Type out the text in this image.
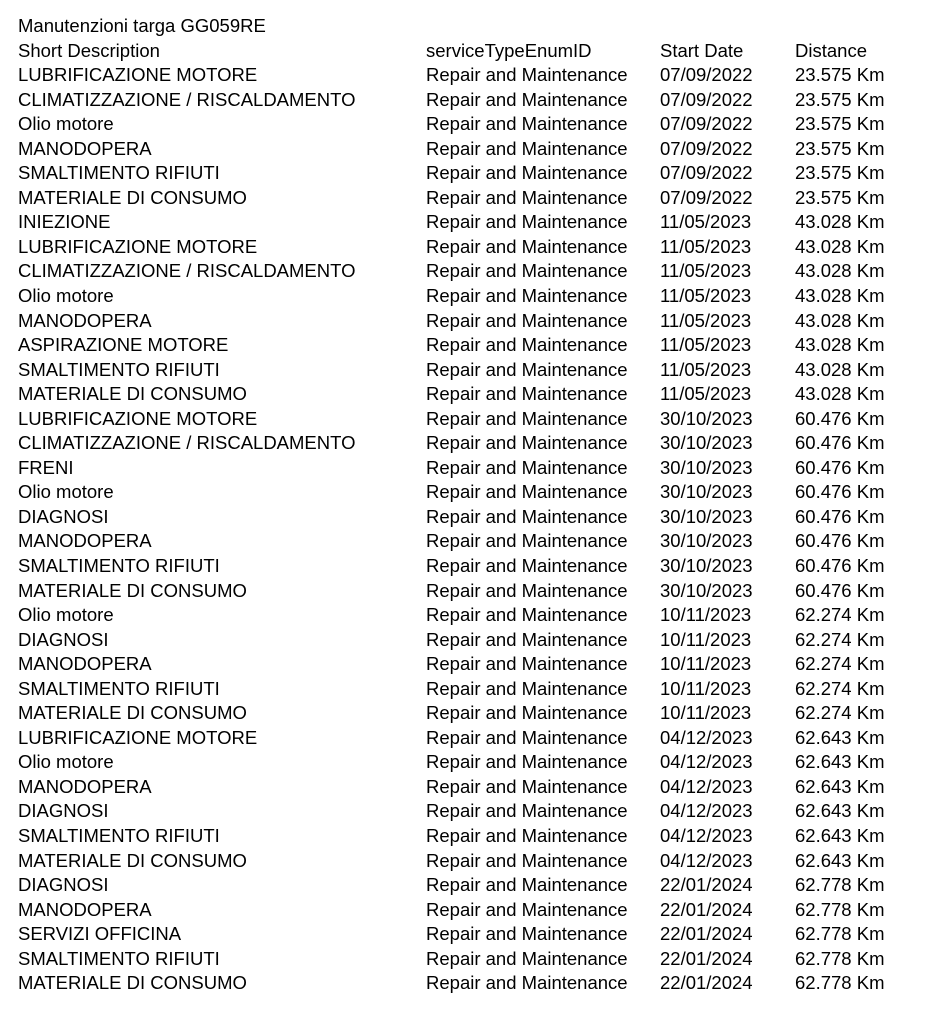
Manutenzioni targa GG059RE
Short Description	serviceTypeEnumID	Start Date	Distance
LUBRIFICAZIONE MOTORE	Repair and Maintenance 07/09/2022 23.575 Km
CLIMATIZZAZIONE / RISCALDAMENTO	Repair and Maintenance 07/09/2022 23.575 Km
Olio motore	Repair and Maintenance 07/09/2022 23.575 Km
MANODOPERA	Repair and Maintenance 07/09/2022 23.575 Km
SMALTIMENTO RIFIUTI	Repair and Maintenance 07/09/2022 23.575 Km
MATERIALE DI CONSUMO	Repair and Maintenance 07/09/2022 23.575 Km
INIEZIONE	Repair and Maintenance 11/05/2023 43.028 Km
LUBRIFICAZIONE MOTORE	Repair and Maintenance 11/05/2023 43.028 Km
CLIMATIZZAZIONE / RISCALDAMENTO	Repair and Maintenance 11/05/2023 43.028 Km
Olio motore	Repair and Maintenance 11/05/2023 43.028 Km
MANODOPERA	Repair and Maintenance 11/05/2023 43.028 Km
ASPIRAZIONE MOTORE	Repair and Maintenance 11/05/2023 43.028 Km
SMALTIMENTO RIFIUTI	Repair and Maintenance 11/05/2023 43.028 Km
MATERIALE DI CONSUMO	Repair and Maintenance 11/05/2023 43.028 Km
LUBRIFICAZIONE MOTORE	Repair and Maintenance 30/10/2023 60.476 Km
CLIMATIZZAZIONE / RISCALDAMENTO	Repair and Maintenance 30/10/2023 60.476 Km
FRENI	Repair and Maintenance 30/10/2023 60.476 Km
Olio motore	Repair and Maintenance 30/10/2023 60.476 Km
DIAGNOSI	Repair and Maintenance 30/10/2023 60.476 Km
MANODOPERA	Repair and Maintenance 30/10/2023 60.476 Km
SMALTIMENTO RIFIUTI	Repair and Maintenance 30/10/2023 60.476 Km
MATERIALE DI CONSUMO	Repair and Maintenance 30/10/2023 60.476 Km
Olio motore	Repair and Maintenance 10/11/2023 62.274 Km
DIAGNOSI	Repair and Maintenance 10/11/2023 62.274 Km
MANODOPERA	Repair and Maintenance 10/11/2023 62.274 Km
SMALTIMENTO RIFIUTI	Repair and Maintenance 10/11/2023 62.274 Km
MATERIALE DI CONSUMO	Repair and Maintenance 10/11/2023 62.274 Km
LUBRIFICAZIONE MOTORE	Repair and Maintenance 04/12/2023 62.643 Km
Olio motore	Repair and Maintenance 04/12/2023 62.643 Km
MANODOPERA	Repair and Maintenance 04/12/2023 62.643 Km
DIAGNOSI	Repair and Maintenance 04/12/2023 62.643 Km
SMALTIMENTO RIFIUTI	Repair and Maintenance 04/12/2023 62.643 Km
MATERIALE DI CONSUMO	Repair and Maintenance 04/12/2023 62.643 Km
DIAGNOSI	Repair and Maintenance 22/01/2024 62.778 Km
MANODOPERA	Repair and Maintenance 22/01/2024 62.778 Km
SERVIZI OFFICINA	Repair and Maintenance 22/01/2024 62.778 Km
SMALTIMENTO RIFIUTI	Repair and Maintenance 22/01/2024 62.778 Km
MATERIALE DI CONSUMO	Repair and Maintenance 22/01/2024 62.778 Km
